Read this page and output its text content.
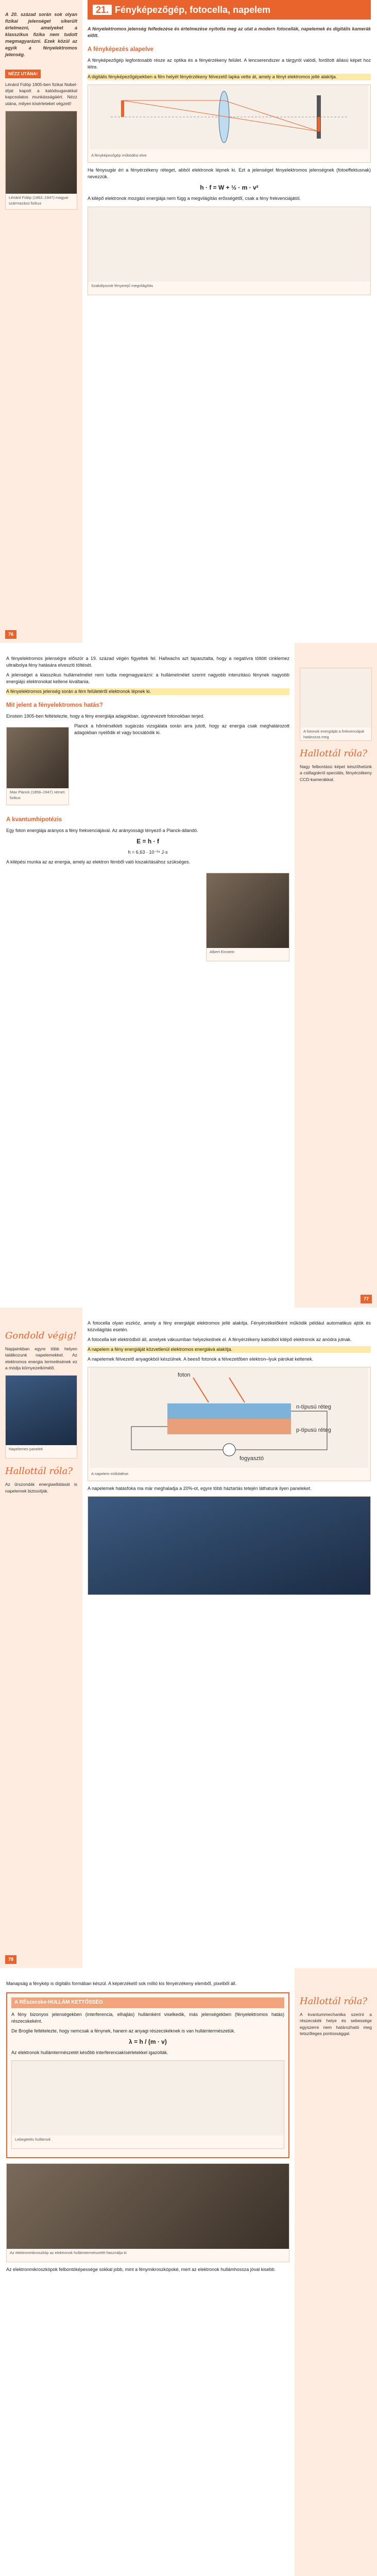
A 20. század során sok olyan fizikai jelenséget sikerült értelmezni, amelyeket a klasszikus fizika nem tudott megmagyarázni. Ezek közül az egyik a fényelektromos jelenség.

NÉZZ UTÁNA!

Lénárd Fülöp 1905-ben fizikai Nobel-díjat kapott a katódsugarakkal kapcsolatos munkásságáért. Nézz utána, milyen kísérleteket végzett!

Lénárd Fülöp (1862–1947) magyar származású fizikus
21. Fényképezőgép, fotocella, napelem

A fényelektromos jelenség felfedezése és értelmezése nyitotta meg az utat a modern fotocellák, napelemek és digitális kamerák előtt.

A fényképezés alapelve

A fényképezőgép legfontosabb része az optika és a fényérzékeny felület. A lencserendszer a tárgyról valódi, fordított állású képet hoz létre.

A digitális fényképezőgépekben a film helyét fényérzékeny félvezető lapka vette át, amely a fényt elektromos jellé alakítja.

A fényképezőgép működési elve

Ha fénysugár éri a fényérzékeny réteget, abból elektronok lépnek ki. Ezt a jelenséget fényelektromos jelenségnek (fotoeffektusnak) nevezzük.

h · f = W + ½ · m · v²

A kilépő elektronok mozgási energiája nem függ a megvilágítás erősségétől, csak a fény frekvenciájától.

Szabályozott fényerejű megvilágítás
76

A fényelektromos jelenségre először a 19. század végén figyeltek fel. Hallwachs azt tapasztalta, hogy a negatívra töltött cinklemez ultraibolya fény hatására elveszíti töltését.

A jelenséget a klasszikus hullámelmélet nem tudta megmagyarázni: a hullámelmélet szerint nagyobb intenzitású fénynek nagyobb energiájú elektronokat kellene kiváltania.

A fényelektromos jelenség során a fém felületéről elektronok lépnek ki.

Mit jelent a fényelektromos hatás?

Einstein 1905-ben feltételezte, hogy a fény energiája adagokban, úgynevezett fotonokban terjed.

Max Planck (1858–1947) német fizikus

Planck a hőmérsékleti sugárzás vizsgálata során arra jutott, hogy az energia csak meghatározott adagokban nyelődik el vagy bocsátódik ki.

A kvantumhipotézis

Egy foton energiája arányos a fény frekvenciájával. Az arányossági tényező a Planck-állandó.

E = h · f

h = 6,63 · 10⁻³⁴ J·s

A kilépési munka az az energia, amely az elektron fémből való kiszakításához szükséges.

Albert Einstein
A fotonok energiáját a frekvenciájuk határozza meg
Hallottál róla?

Nagy felbontású képet készíthetünk a csillagokról speciális, fényérzékeny CCD-kamerákkal.

77
Gondold végig!

Napjainkban egyre több helyen találkozunk napelemekkel. Az elektromos energia termelésének ez a módja környezetkímélő.

Napelemes panelek
Hallottál róla?

Az űrszondák energiaellátását is napelemek biztosítják.

A fotocella olyan eszköz, amely a fény energiáját elektromos jellé alakítja. Fényérzékelőként működik például automatikus ajtók és közvilágítás esetén.

A fotocella két elektródból áll, amelyek vákuumban helyezkednek el. A fényérzékeny katódból kilépő elektronok az anódra jutnak.

A napelem a fény energiáját közvetlenül elektromos energiává alakítja.

A napelemek félvezető anyagokból készülnek. A beeső fotonok a félvezetőben elektron–lyuk párokat keltenek.

foton
n-típusú réteg
p-típusú réteg
fogyasztó
A napelem működése

A napelemek hatásfoka ma már meghaladja a 20%-ot, egyre több háztartás tetején láthatunk ilyen paneleket.

78

Manapság a fénykép is digitális formában készül. A képérzékelő sok millió kis fényérzékeny elemből, pixelből áll.

A RÉszecske-HULLÁM KETTŐSSÉG

A fény bizonyos jelenségekben (interferencia, elhajlás) hullámként viselkedik, más jelenségekben (fényelektromos hatás) részecskeként.

De Broglie feltételezte, hogy nemcsak a fénynek, hanem az anyagi részecskéknek is van hullámtermészetük.

λ = h / (m · v)

Az elektronok hullámtermészetét később interferenciakísérletekkel igazolták.

Lebegtetés hullámok
Az elektronmikroszkóp az elektronok hullámtermészetét használja ki

Az elektronmikroszkópok felbontóképessége sokkal jobb, mint a fénymikroszkópoké, mert az elektronok hullámhossza jóval kisebb.

Hallottál róla?

A kvantummechanika szerint a részecskék helye és sebessége egyszerre nem határozható meg tetszőleges pontossággal.
